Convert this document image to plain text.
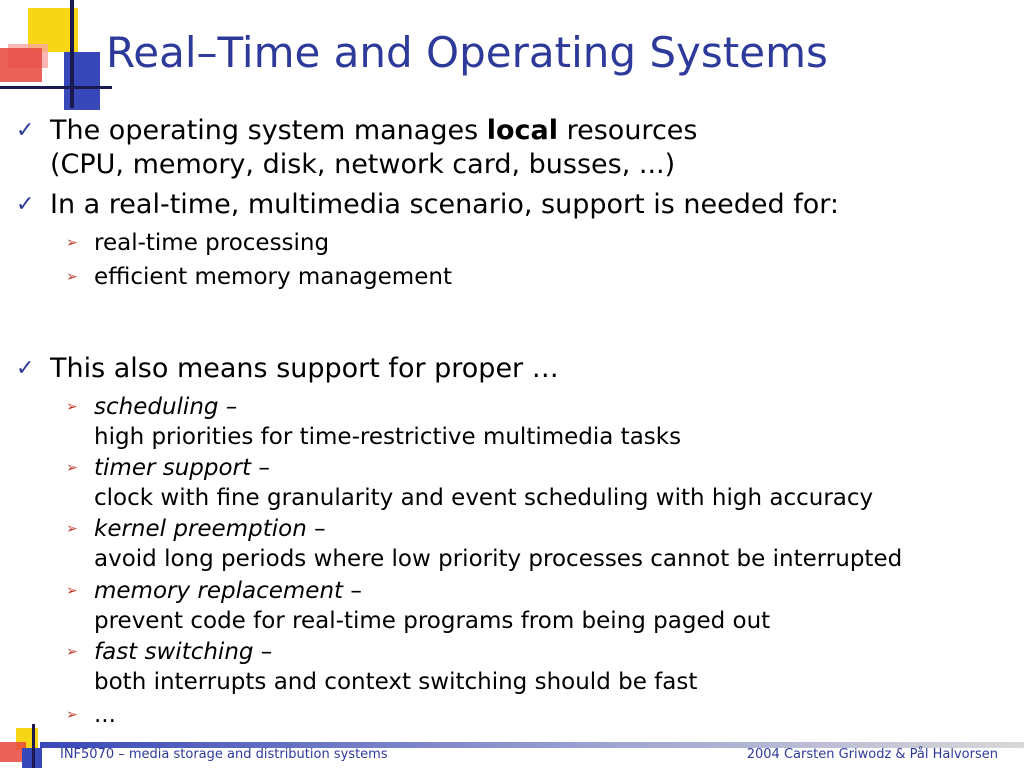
Real–Time and Operating Systems
✓ The operating system manages local resources
(CPU, memory, disk, network card, busses, ...)
✓ In a real-time, multimedia scenario, support is needed for:
➢ real-time processing
➢ efficient memory management
✓ This also means support for proper …
➢ scheduling –
high priorities for time-restrictive multimedia tasks
➢ timer support –
clock with fine granularity and event scheduling with high accuracy
➢ kernel preemption –
avoid long periods where low priority processes cannot be interrupted
➢ memory replacement –
prevent code for real-time programs from being paged out
➢ fast switching –
both interrupts and context switching should be fast
➢ ...
INF5070 – media storage and distribution systems	2004 Carsten Griwodz & Pål Halvorsen
